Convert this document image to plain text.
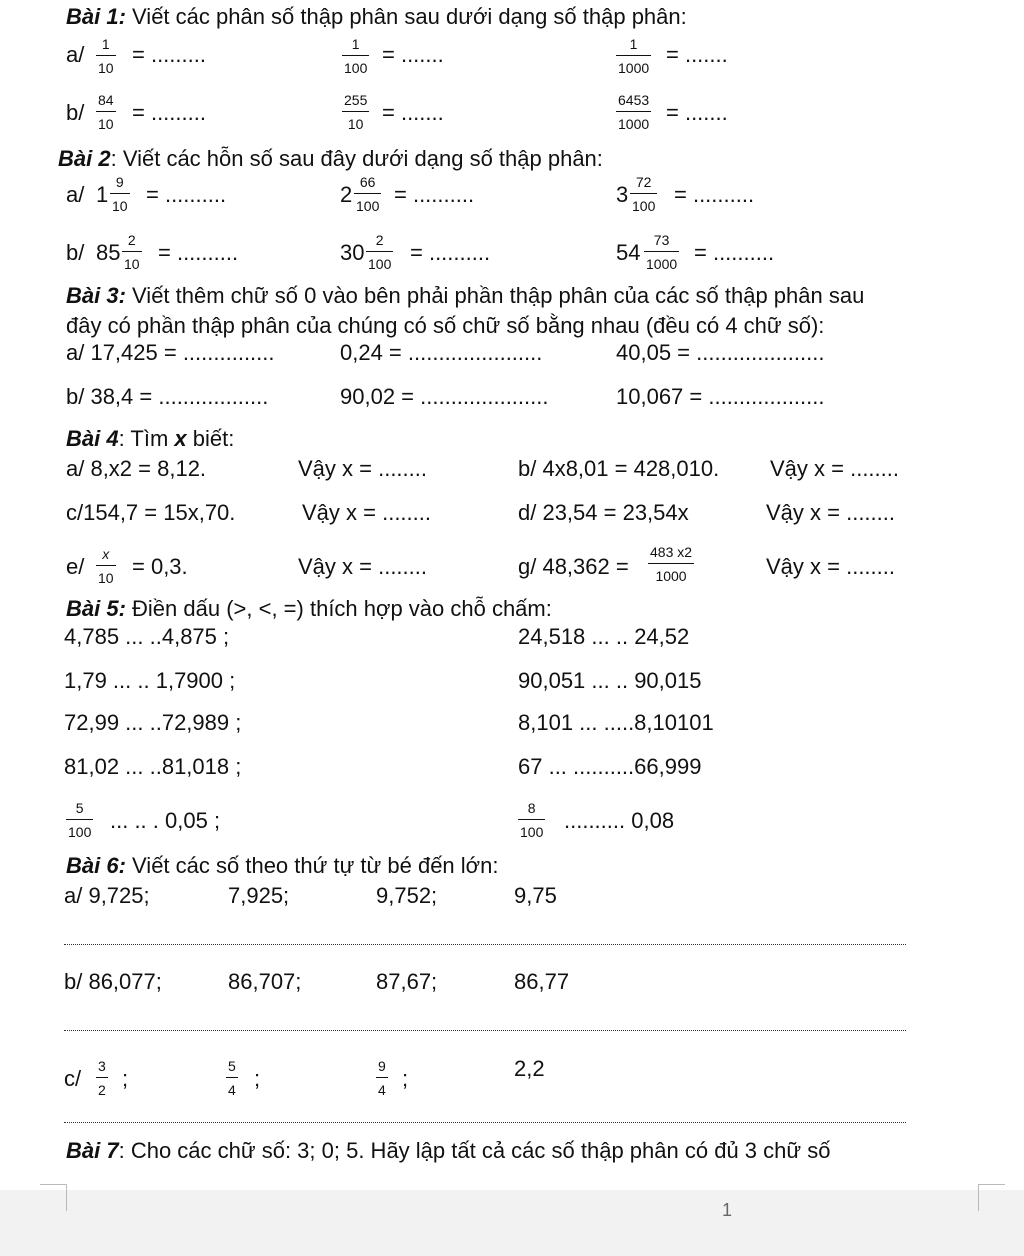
Bài 1: Viết các phân số thập phân sau dưới dạng số thập phân:
$a/ \frac{1}{10}$ = .........	$\frac{1}{100}$ = .......	$\frac{1}{1000}$ = .......
$b/ \frac{84}{10}$ = .........	$\frac{255}{10}$ = .......	$\frac{6453}{1000}$ = .......
Bài 2: Viết các hỗn số sau đây dưới dạng số thập phân:
a/ $1 \frac{9}{10}$ = ..........	$2 \frac{66}{100}$ = ..........	$3 \frac{72}{100}$ = ..........
b/ $85 \frac{2}{10}$ = ..........	$30 \frac{2}{100}$ = ..........	$54 \frac{73}{1000}$ = ..........
Bài 3: Viết thêm chữ số 0 vào bên phải phần thập phân của các số thập phân sau
đây có phần thập phân của chúng có số chữ số bằng nhau (đều có 4 chữ số):
a/ 17,425 = ...............	0,24 = ......................	40,05 = .....................
b/ 38,4 = ..................	90,02 = .....................	10,067 = ...................
Bài 4: Tìm x biết:
a/ 8,x2 = 8,12.	Vậy x = ........	b/ 4x8,01 = 428,010. Vậy x = ........
c/154,7 = 15x,70.	Vậy x = ........	d/ 23,54 = 23,54x	Vậy x = ........
$e/ \frac{x}{10} = 0,3$.	Vậy x = ........	g/ $48,362 = \frac{483 x2}{1000}$	Vậy x = ........
Bài 5: Điền dấu (>, <, =) thích hợp vào chỗ chấm:
4,785 ... ..4,875 ;	24,518 ... .. 24,52
1,79 ... .. 1,7900 ;	90,051 ... .. 90,015
72,99 ... ..72,989 ;	8,101 ... .....8,10101
81,02 ... ..81,018 ;	67 ... ..........66,999
$\frac{5}{100}$ ... .. . 0,05 ;	$\frac{8}{100}$ .......... 0,08
Bài 6: Viết các số theo thứ tự từ bé đến lớn:
a/ 9,725;	7,925;	9,752;	9,75
b/ 86,077;	86,707;	87,67;	86,77
$c/ \frac{3}{2}$ ;	$\frac{5}{4}$ ;	$\frac{9}{4}$ ;	2,2
Bài 7: Cho các chữ số: 3; 0; 5. Hãy lập tất cả các số thập phân có đủ 3 chữ số
1
